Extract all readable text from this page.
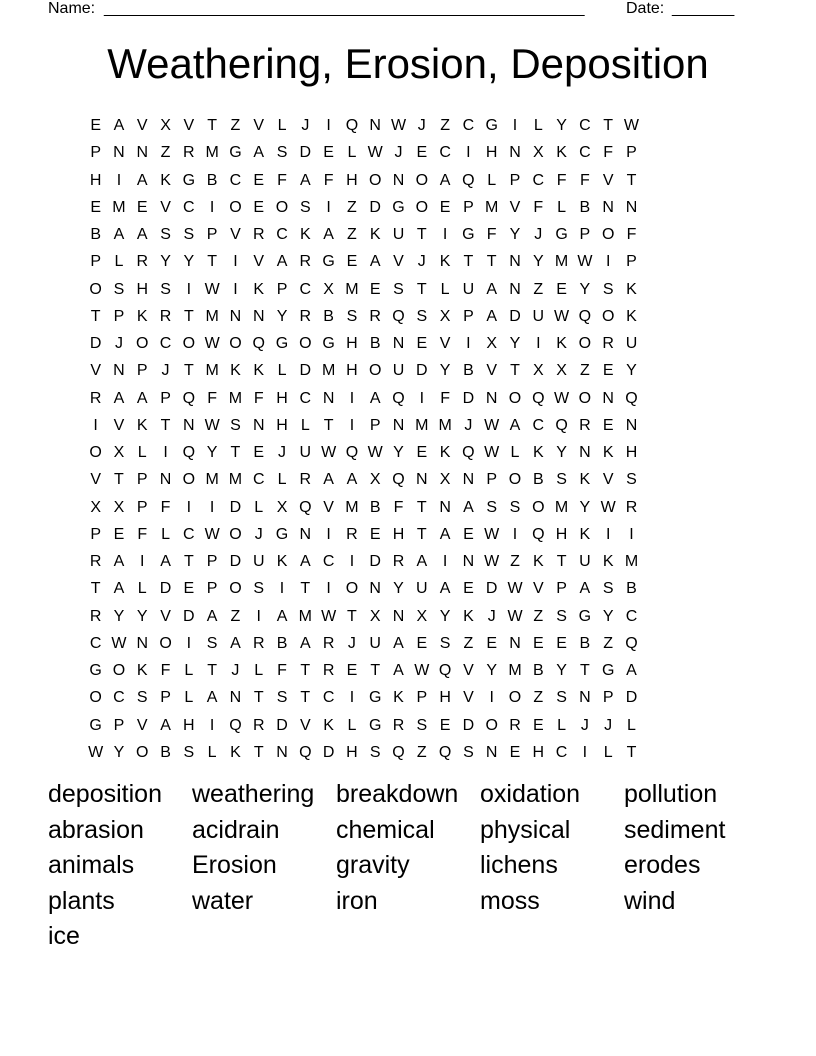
Name: ______________________________________________________	Date: _______
Weathering, Erosion, Deposition
E A V X V T Z V L J	I Q N W J Z C G I	L Y C T W
P N N Z R M G A S D E L W J E C I H N X K C F P
H I A K G B C E F A F H O N O A Q L P C F F V T
E M E V C I O E O S I	Z D G O E P M V F L B N N
B A A S S P V R C K A Z K U T	I G F Y J G P O F
P L R Y Y T	I V A R G E A V J K T T N Y M W I P
O S H S I W I K P C X M E S T L U A N Z E Y S K
T P K R T M N N Y R B S R Q S X P A D U W Q O K
D J O C O W O Q G O G H B N E V I X Y I K O R U
V N P J T M K K L D M H O U D Y B V T X X Z E Y
R A A P Q F M F H C N I A Q I	F D N O Q W O N Q
I V K T N W S N H L T	I P N M M J W A C Q R E N
O X L	I Q Y T E J U W Q W Y E K Q W L K Y N K H
V T P N O M M C L R A A X Q N X N P O B S K V S
X X P F	I	I D L X Q V M B F T N A S S O M Y W R
P E F L C W O J G N I R E H T A E W I Q H K I	I
R A I A T P D U K A C I D R A I N W Z K T U K M
T A L D E P O S I	T	I O N Y U A E D W V P A S B
R Y Y V D A Z	I A M W T X N X Y K J W Z S G Y C
C W N O I S A R B A R J U A E S Z E N E E B Z Q
G O K F L T J L F T R E T A W Q V Y M B Y T G A
O C S P L A N T S T C I G K P H V I O Z S N P D
G P V A H I Q R D V K L G R S E D O R E L J J L
W Y O B S L K T N Q D H S Q Z Q S N E H C I	L T
deposition	weathering breakdown oxidation	pollution
abrasion	acidrain	chemical	physical	sediment
animals	Erosion	gravity	lichens	erodes
plants	water	iron	moss	wind
ice
